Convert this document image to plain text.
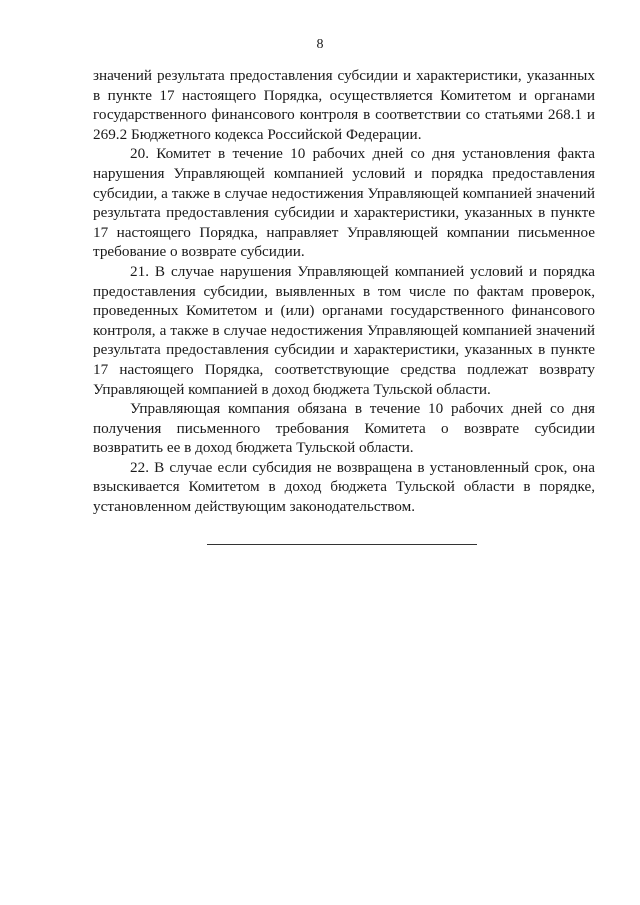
8

значений результата предоставления субсидии и характеристики, указанных в пункте 17 настоящего Порядка, осуществляется Комитетом и органами государственного финансового контроля в соответствии со статьями 268.1 и 269.2 Бюджетного кодекса Российской Федерации.

20. Комитет в течение 10 рабочих дней со дня установления факта нарушения Управляющей компанией условий и порядка предоставления субсидии, а также в случае недостижения Управляющей компанией значений результата предоставления субсидии и характеристики, указанных в пункте 17 настоящего Порядка, направляет Управляющей компании письменное требование о возврате субсидии.

21. В случае нарушения Управляющей компанией условий и порядка предоставления субсидии, выявленных в том числе по фактам проверок, проведенных Комитетом и (или) органами государственного финансового контроля, а также в случае недостижения Управляющей компанией значений результата предоставления субсидии и характеристики, указанных в пункте 17 настоящего Порядка, соответствующие средства подлежат возврату Управляющей компанией в доход бюджета Тульской области.

Управляющая компания обязана в течение 10 рабочих дней со дня получения письменного требования Комитета о возврате субсидии возвратить ее в доход бюджета Тульской области.

22. В случае если субсидия не возвращена в установленный срок, она взыскивается Комитетом в доход бюджета Тульской области в порядке, установленном действующим законодательством.
